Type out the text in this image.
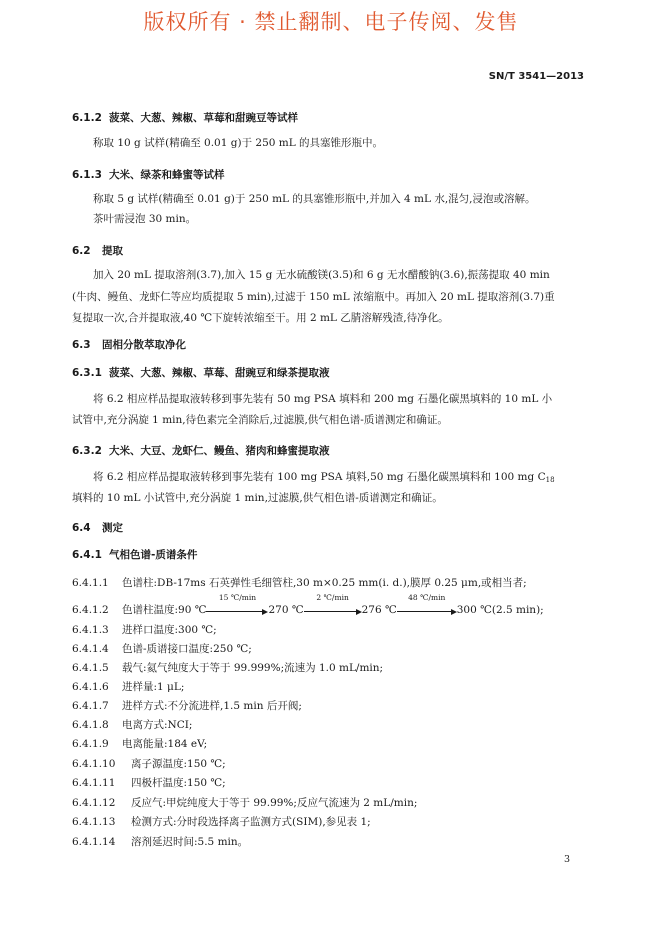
版权所有 · 禁止翻制、电子传阅、发售
SN/T 3541—2013
6.1.2 菠菜、大葱、辣椒、草莓和甜豌豆等试样
称取 10 g 试样(精确至 0.01 g)于 250 mL 的具塞锥形瓶中。
6.1.3 大米、绿茶和蜂蜜等试样
称取 5 g 试样(精确至 0.01 g)于 250 mL 的具塞锥形瓶中,并加入 4 mL 水,混匀,浸泡或溶解。
茶叶需浸泡 30 min。
6.2 提取
加入 20 mL 提取溶剂(3.7),加入 15 g 无水硫酸镁(3.5)和 6 g 无水醋酸钠(3.6),振荡提取 40 min
(牛肉、鳗鱼、龙虾仁等应均质提取 5 min),过滤于 150 mL 浓缩瓶中。再加入 20 mL 提取溶剂(3.7)重
复提取一次,合并提取液,40 ℃下旋转浓缩至干。用 2 mL 乙腈溶解残渣,待净化。
6.3 固相分散萃取净化
6.3.1 菠菜、大葱、辣椒、草莓、甜豌豆和绿茶提取液
将 6.2 相应样品提取液转移到事先装有 50 mg PSA 填料和 200 mg 石墨化碳黑填料的 10 mL 小
试管中,充分涡旋 1 min,待色素完全消除后,过滤膜,供气相色谱-质谱测定和确证。
6.3.2 大米、大豆、龙虾仁、鳗鱼、猪肉和蜂蜜提取液
将 6.2 相应样品提取液转移到事先装有 100 mg PSA 填料,50 mg 石墨化碳黑填料和 100 mg $C_{18}$
填料的 10 mL 小试管中,充分涡旋 1 min,过滤膜,供气相色谱-质谱测定和确证。
6.4 测定
6.4.1 气相色谱-质谱条件
6.4.1.1 色谱柱:DB-17ms 石英弹性毛细管柱,30 m×0.25 mm(i. d.),膜厚 0.25 μm,或相当者;
6.4.1.2 色谱柱温度:90 ℃
15 ℃/min
270 ℃
2 ℃/min
276 ℃
48 ℃/min
300 ℃(2.5 min);
6.4.1.3 进样口温度:300 ℃;
6.4.1.4 色谱-质谱接口温度:250 ℃;
6.4.1.5 载气:氦气纯度大于等于 99.999%;流速为 1.0 mL/min;
6.4.1.6 进样量:1 μL;
6.4.1.7 进样方式:不分流进样,1.5 min 后开阀;
6.4.1.8 电离方式:NCI;
6.4.1.9 电离能量:184 eV;
6.4.1.10 离子源温度:150 ℃;
6.4.1.11 四极杆温度:150 ℃;
6.4.1.12 反应气:甲烷纯度大于等于 99.99%;反应气流速为 2 mL/min;
6.4.1.13 检测方式:分时段选择离子监测方式(SIM),参见表 1;
6.4.1.14 溶剂延迟时间:5.5 min。
3
